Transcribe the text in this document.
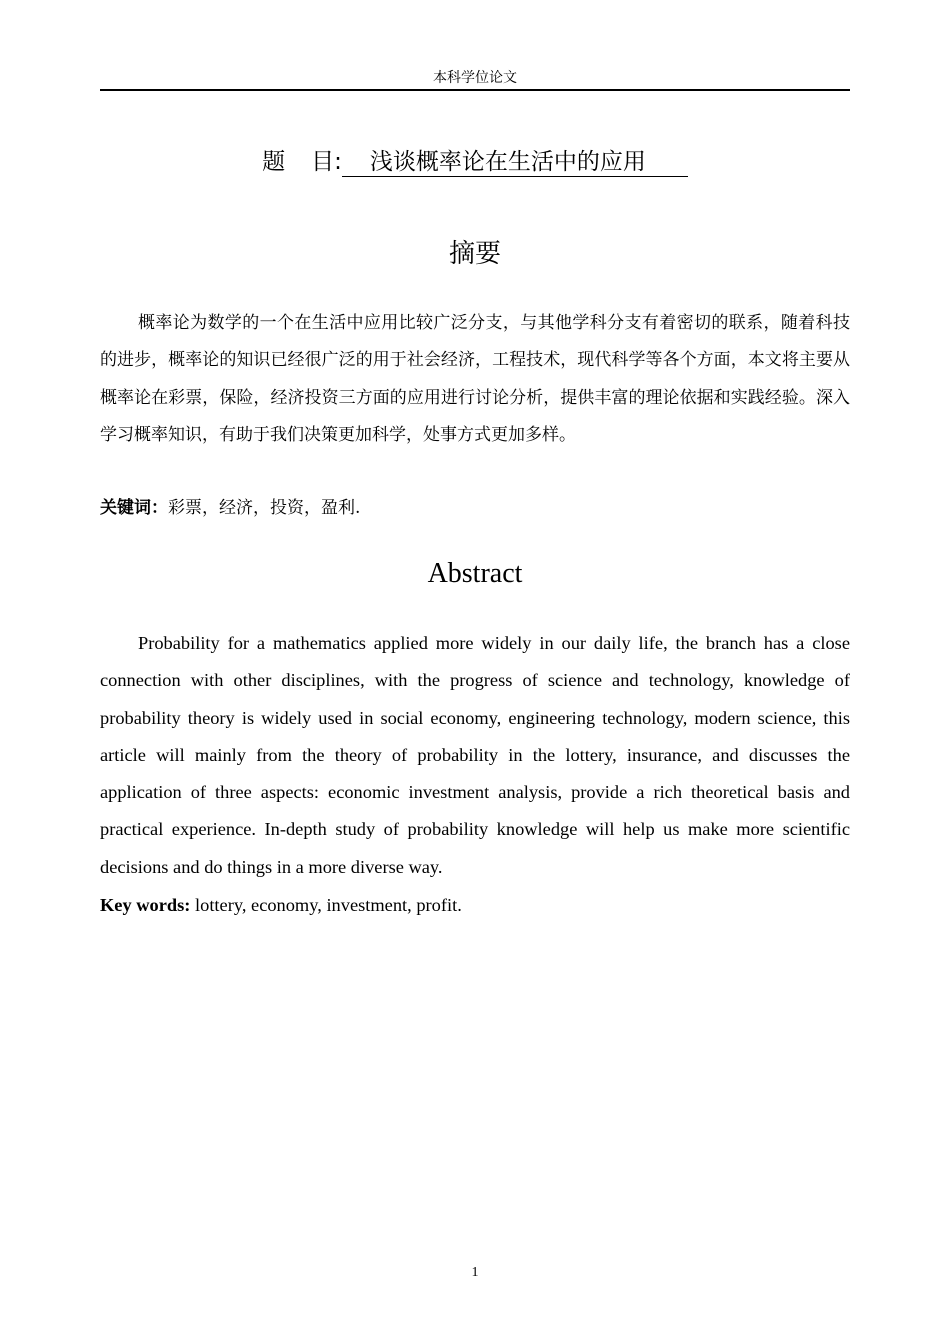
本科学位论文
题 目: 浅谈概率论在生活中的应用
摘要

概率论为数学的一个在生活中应用比较广泛分支，与其他学科分支有着密切的联系，随着科技的进步，概率论的知识已经很广泛的用于社会经济，工程技术，现代科学等各个方面，本文将主要从概率论在彩票，保险，经济投资三方面的应用进行讨论分析，提供丰富的理论依据和实践经验。深入学习概率知识，有助于我们决策更加科学，处事方式更加多样。

关键词：彩票，经济，投资，盈利.

Abstract

Probability for a mathematics applied more widely in our daily life, the branch has a close connection with other disciplines, with the progress of science and technology, knowledge of probability theory is widely used in social economy, engineering technology, modern science, this article will mainly from the theory of probability in the lottery, insurance, and discusses the application of three aspects: economic investment analysis, provide a rich theoretical basis and practical experience. In-depth study of probability knowledge will help us make more scientific decisions and do things in a more diverse way.

Key words: lottery, economy, investment, profit.

1
